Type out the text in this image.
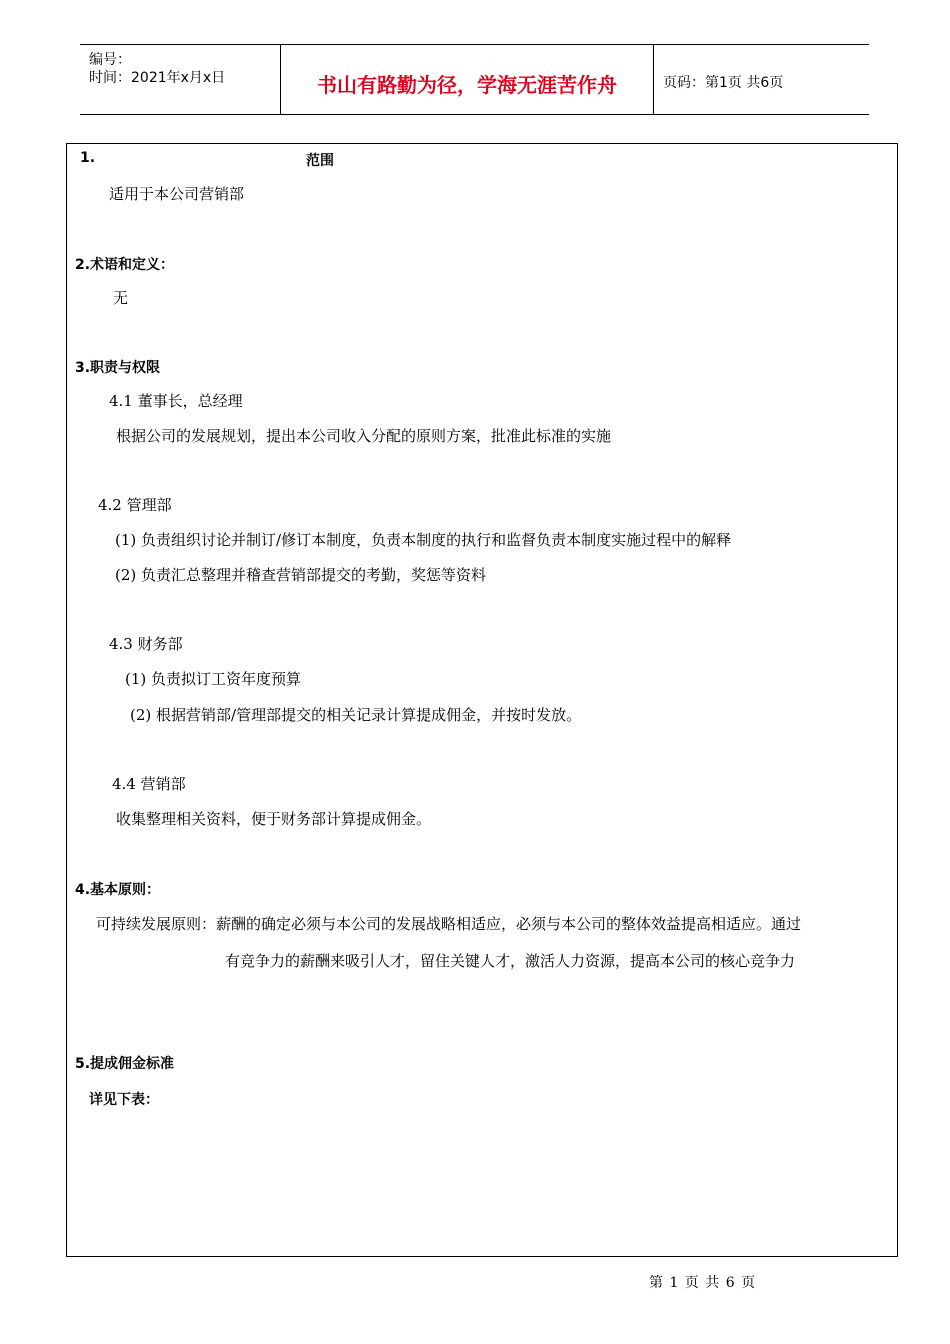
编号：
时间：2021年x月x日	书山有路勤为径，学海无涯苦作舟	页码：第1页 共6页
1.	范围
适用于本公司营销部
2.术语和定义：
无
3.职责与权限
4.1 董事长，总经理
根据公司的发展规划，提出本公司收入分配的原则方案，批准此标准的实施
4.2 管理部
(1) 负责组织讨论并制订/修订本制度，负责本制度的执行和监督负责本制度实施过程中的解释
(2) 负责汇总整理并稽查营销部提交的考勤，奖惩等资料
4.3 财务部
(1) 负责拟订工资年度预算
(2) 根据营销部/管理部提交的相关记录计算提成佣金，并按时发放。
4.4 营销部
收集整理相关资料，便于财务部计算提成佣金。
4.基本原则：
可持续发展原则：薪酬的确定必须与本公司的发展战略相适应，必须与本公司的整体效益提高相适应。通过
有竞争力的薪酬来吸引人才，留住关键人才，激活人力资源，提高本公司的核心竞争力
5.提成佣金标准
详见下表：
第 1 页 共 6 页
